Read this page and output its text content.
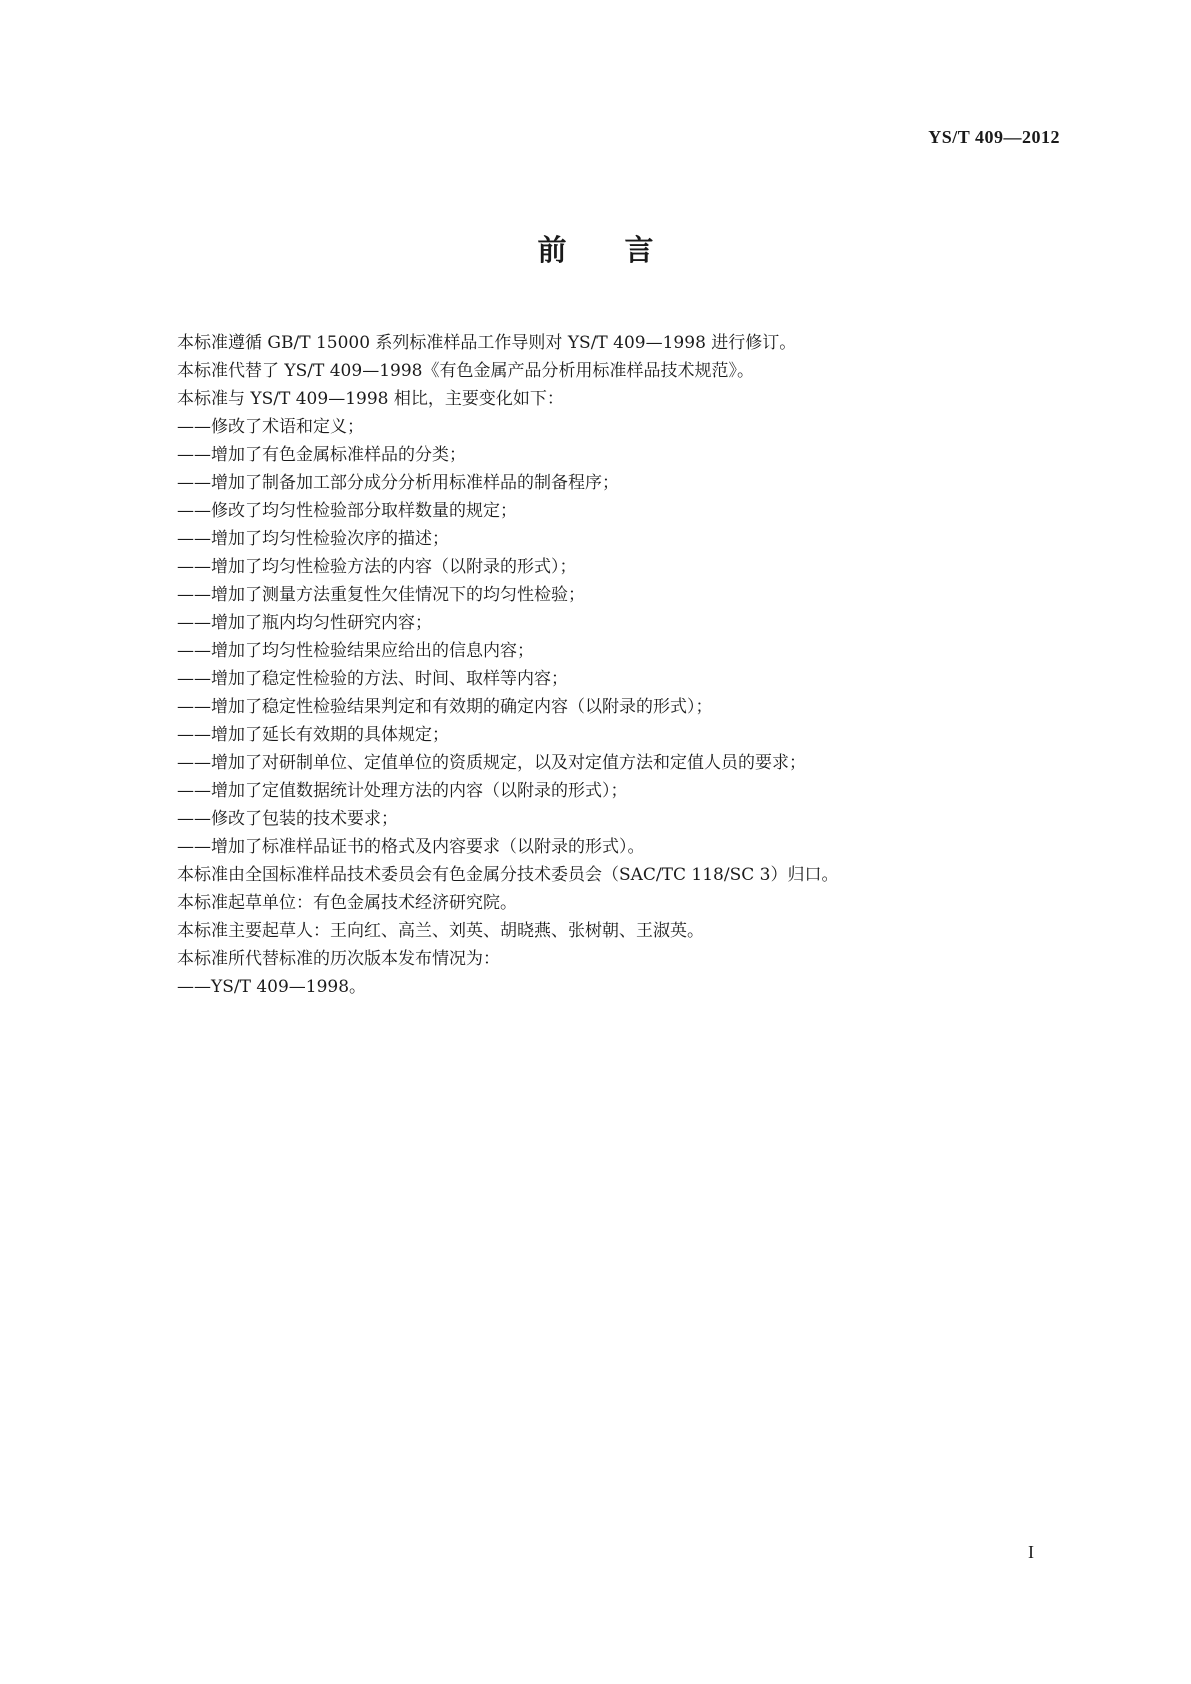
YS/T 409—2012
前言
本标准遵循 GB/T 15000 系列标准样品工作导则对 YS/T 409—1998 进行修订。
本标准代替了 YS/T 409—1998《有色金属产品分析用标准样品技术规范》。
本标准与 YS/T 409—1998 相比，主要变化如下：
——修改了术语和定义；
——增加了有色金属标准样品的分类；
——增加了制备加工部分成分分析用标准样品的制备程序；
——修改了均匀性检验部分取样数量的规定；
——增加了均匀性检验次序的描述；
——增加了均匀性检验方法的内容（以附录的形式）；
——增加了测量方法重复性欠佳情况下的均匀性检验；
——增加了瓶内均匀性研究内容；
——增加了均匀性检验结果应给出的信息内容；
——增加了稳定性检验的方法、时间、取样等内容；
——增加了稳定性检验结果判定和有效期的确定内容（以附录的形式）；
——增加了延长有效期的具体规定；
——增加了对研制单位、定值单位的资质规定，以及对定值方法和定值人员的要求；
——增加了定值数据统计处理方法的内容（以附录的形式）；
——修改了包装的技术要求；
——增加了标准样品证书的格式及内容要求（以附录的形式）。
本标准由全国标准样品技术委员会有色金属分技术委员会（SAC/TC 118/SC 3）归口。
本标准起草单位：有色金属技术经济研究院。
本标准主要起草人：王向红、高兰、刘英、胡晓燕、张树朝、王淑英。
本标准所代替标准的历次版本发布情况为：
——YS/T 409—1998。
I
